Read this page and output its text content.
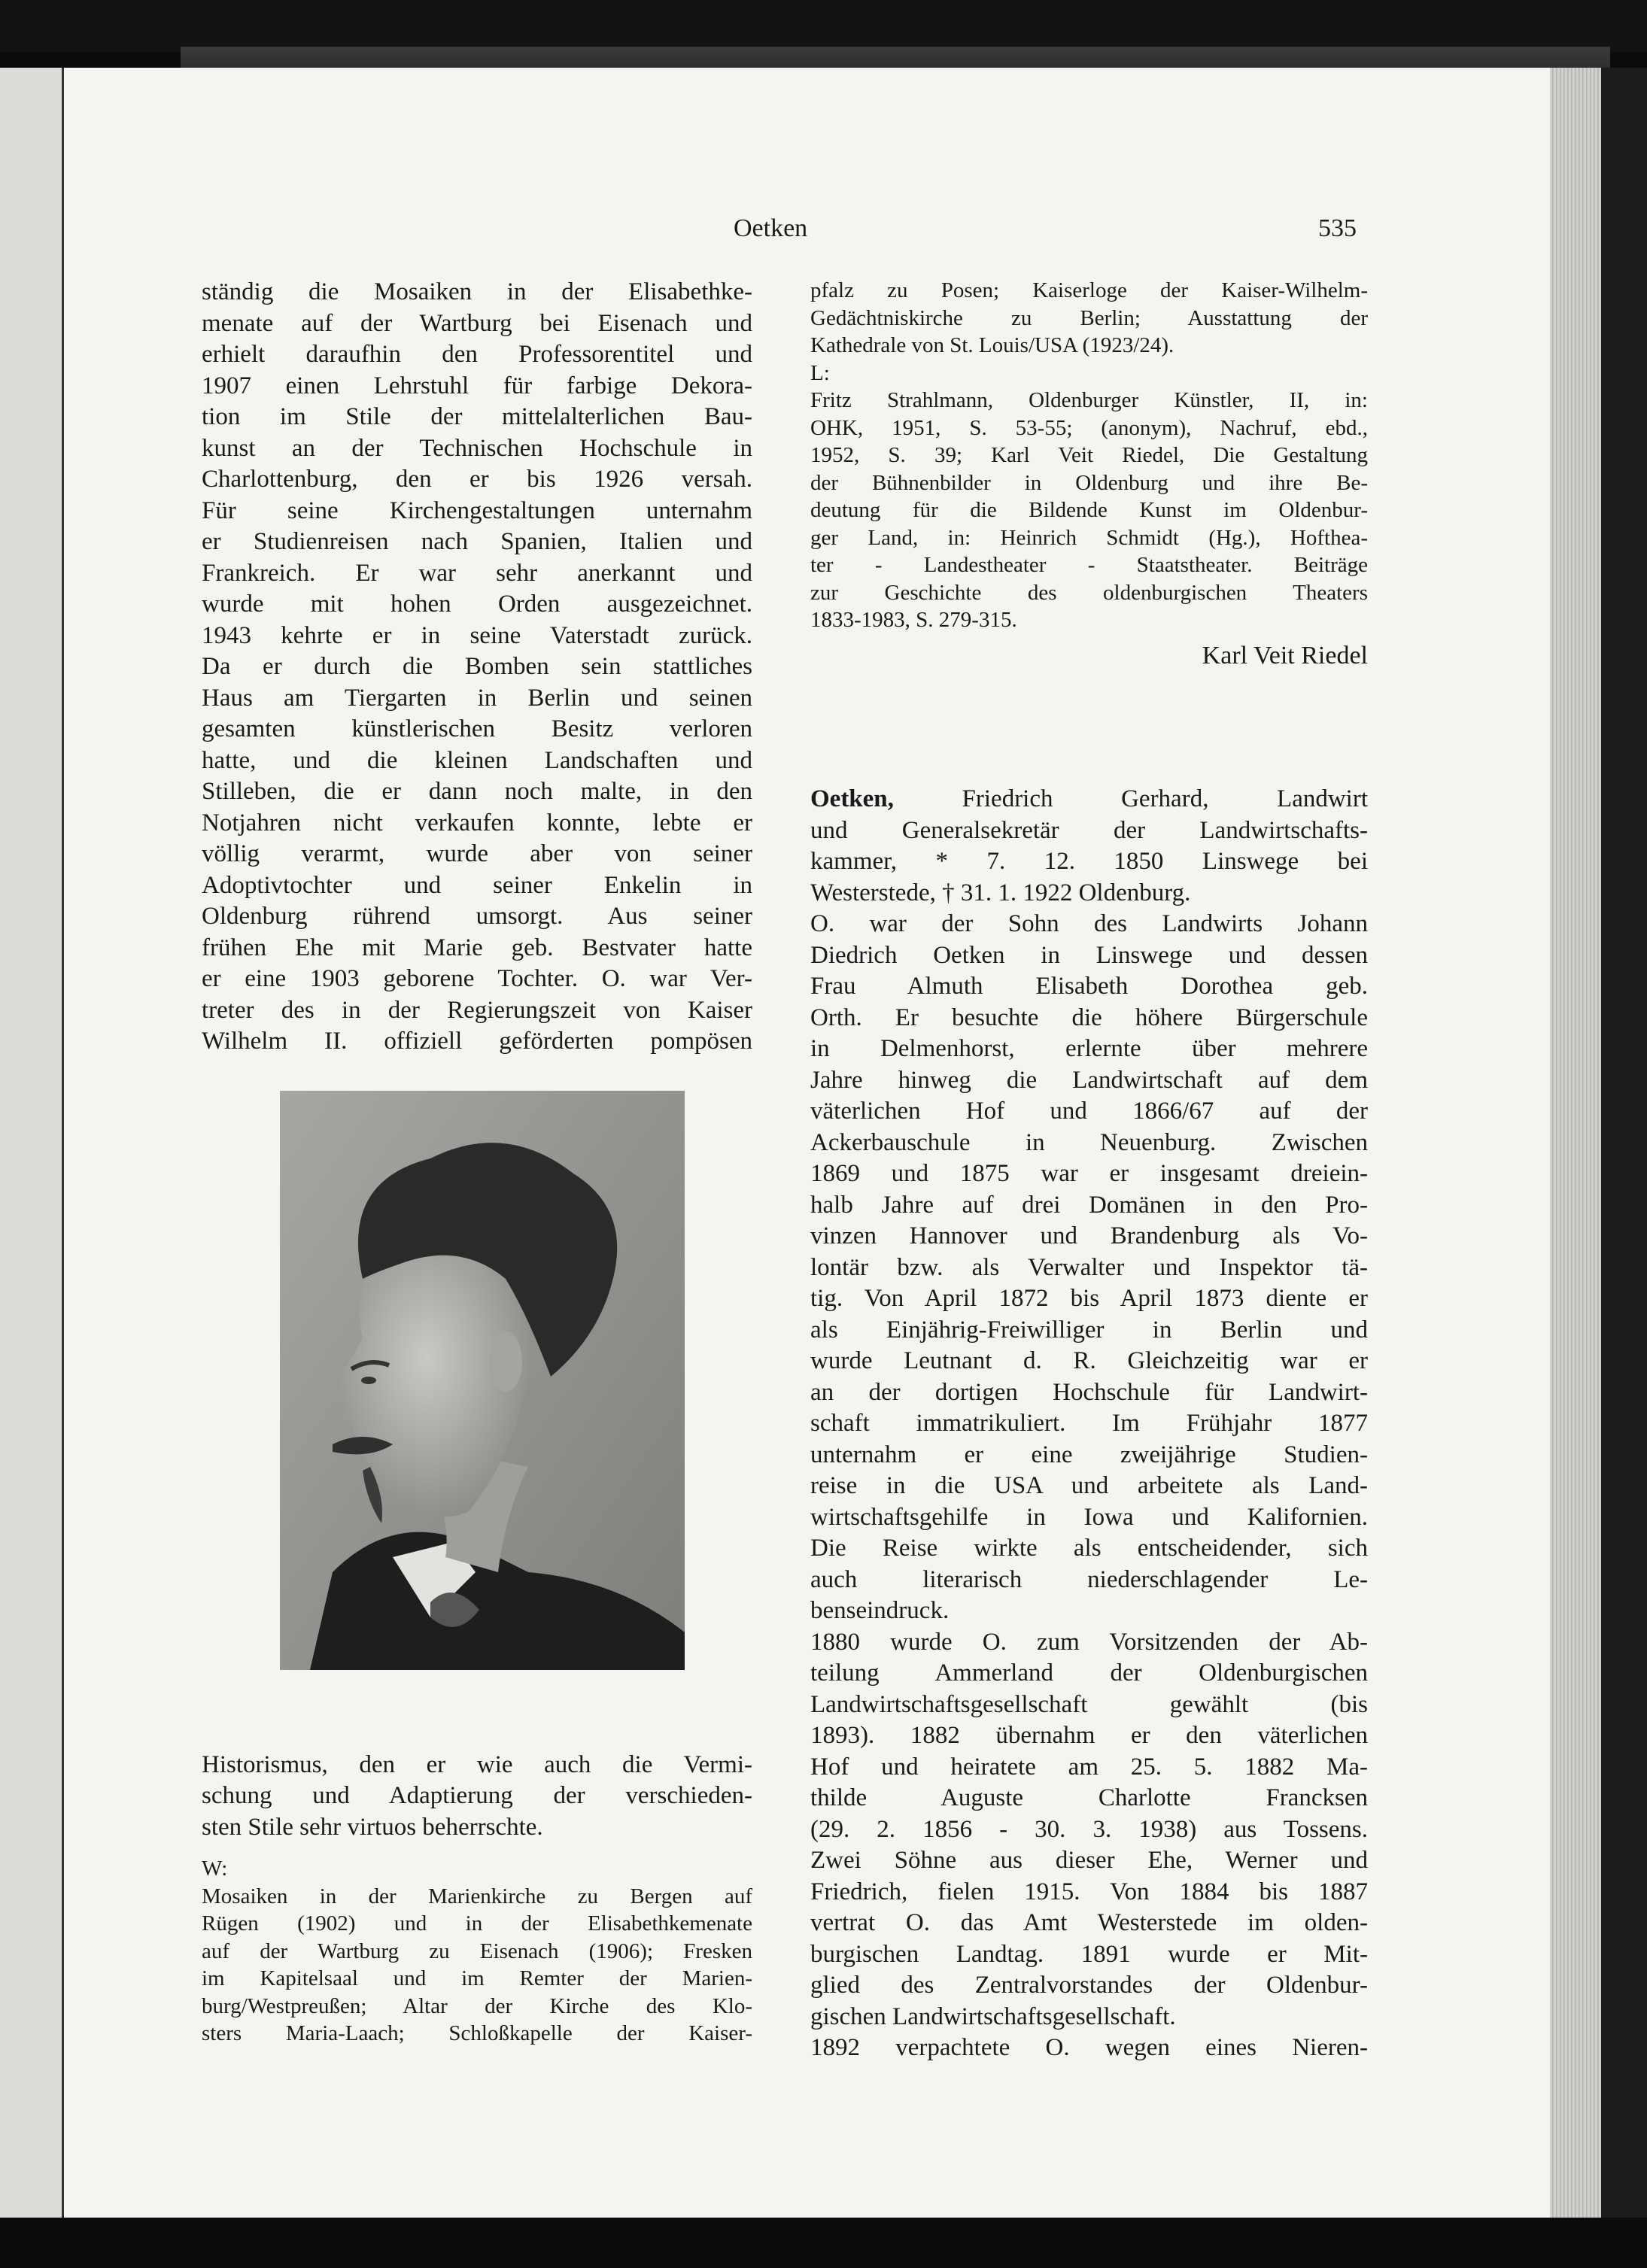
Oetken	535

ständig die Mosaiken in der Elisabethke-
menate auf der Wartburg bei Eisenach und
erhielt daraufhin den Professorentitel und
1907 einen Lehrstuhl für farbige Dekora-
tion im Stile der mittelalterlichen Bau-
kunst an der Technischen Hochschule in
Charlottenburg, den er bis 1926 versah.
Für seine Kirchengestaltungen unternahm
er Studienreisen nach Spanien, Italien und
Frankreich. Er war sehr anerkannt und
wurde mit hohen Orden ausgezeichnet.
1943 kehrte er in seine Vaterstadt zurück.
Da er durch die Bomben sein stattliches
Haus am Tiergarten in Berlin und seinen
gesamten künstlerischen Besitz verloren
hatte, und die kleinen Landschaften und
Stilleben, die er dann noch malte, in den
Notjahren nicht verkaufen konnte, lebte er
völlig verarmt, wurde aber von seiner
Adoptivtochter und seiner Enkelin in
Oldenburg rührend umsorgt. Aus seiner
frühen Ehe mit Marie geb. Bestvater hatte
er eine 1903 geborene Tochter. O. war Ver-
treter des in der Regierungszeit von Kaiser
Wilhelm II. offiziell geförderten pompösen

Historismus, den er wie auch die Vermi-
schung und Adaptierung der verschieden-
sten Stile sehr virtuos beherrschte.

W:
Mosaiken in der Marienkirche zu Bergen auf
Rügen (1902) und in der Elisabethkemenate
auf der Wartburg zu Eisenach (1906); Fresken
im Kapitelsaal und im Remter der Marien-
burg/Westpreußen; Altar der Kirche des Klo-
sters Maria-Laach; Schloßkapelle der Kaiser-
pfalz zu Posen; Kaiserloge der Kaiser-Wilhelm-
Gedächtniskirche zu Berlin; Ausstattung der
Kathedrale von St. Louis/USA (1923/24).
L:
Fritz Strahlmann, Oldenburger Künstler, II, in:
OHK, 1951, S. 53-55; (anonym), Nachruf, ebd.,
1952, S. 39; Karl Veit Riedel, Die Gestaltung
der Bühnenbilder in Oldenburg und ihre Be-
deutung für die Bildende Kunst im Oldenbur-
ger Land, in: Heinrich Schmidt (Hg.), Hofthea-
ter - Landestheater - Staatstheater. Beiträge
zur Geschichte des oldenburgischen Theaters
1833-1983, S. 279-315.
Karl Veit Riedel

Oetken,	Friedrich Gerhard, Landwirt
und Generalsekretär der Landwirtschafts-
kammer, * 7. 12. 1850 Linswege bei
Westerstede, † 31. 1. 1922 Oldenburg.

O. war der Sohn des Landwirts Johann
Diedrich Oetken in Linswege und dessen
Frau Almuth Elisabeth Dorothea geb.
Orth. Er besuchte die höhere Bürgerschule
in Delmenhorst, erlernte über mehrere
Jahre hinweg die Landwirtschaft auf dem
väterlichen Hof und 1866/67 auf der
Ackerbauschule in Neuenburg. Zwischen
1869 und 1875 war er insgesamt dreiein-
halb Jahre auf drei Domänen in den Pro-
vinzen Hannover und Brandenburg als Vo-
lontär bzw. als Verwalter und Inspektor tä-
tig. Von April 1872 bis April 1873 diente er
als Einjährig-Freiwilliger in Berlin und
wurde Leutnant d. R. Gleichzeitig war er
an der dortigen Hochschule für Landwirt-
schaft immatrikuliert. Im Frühjahr 1877
unternahm er eine zweijährige Studien-
reise in die USA und arbeitete als Land-
wirtschaftsgehilfe in Iowa und Kalifornien.
Die Reise wirkte als entscheidender, sich
auch literarisch niederschlagender Le-
benseindruck.

1880 wurde O. zum Vorsitzenden der Ab-
teilung Ammerland der Oldenburgischen
Landwirtschaftsgesellschaft gewählt (bis
1893). 1882 übernahm er den väterlichen
Hof und heiratete am 25. 5. 1882 Ma-
thilde Auguste Charlotte Francksen
(29. 2. 1856 - 30. 3. 1938) aus Tossens.
Zwei Söhne aus dieser Ehe, Werner und
Friedrich, fielen 1915. Von 1884 bis 1887
vertrat O. das Amt Westerstede im olden-
burgischen Landtag. 1891 wurde er Mit-
glied des Zentralvorstandes der Oldenbur-
gischen Landwirtschaftsgesellschaft.
1892 verpachtete O. wegen eines Nieren-
